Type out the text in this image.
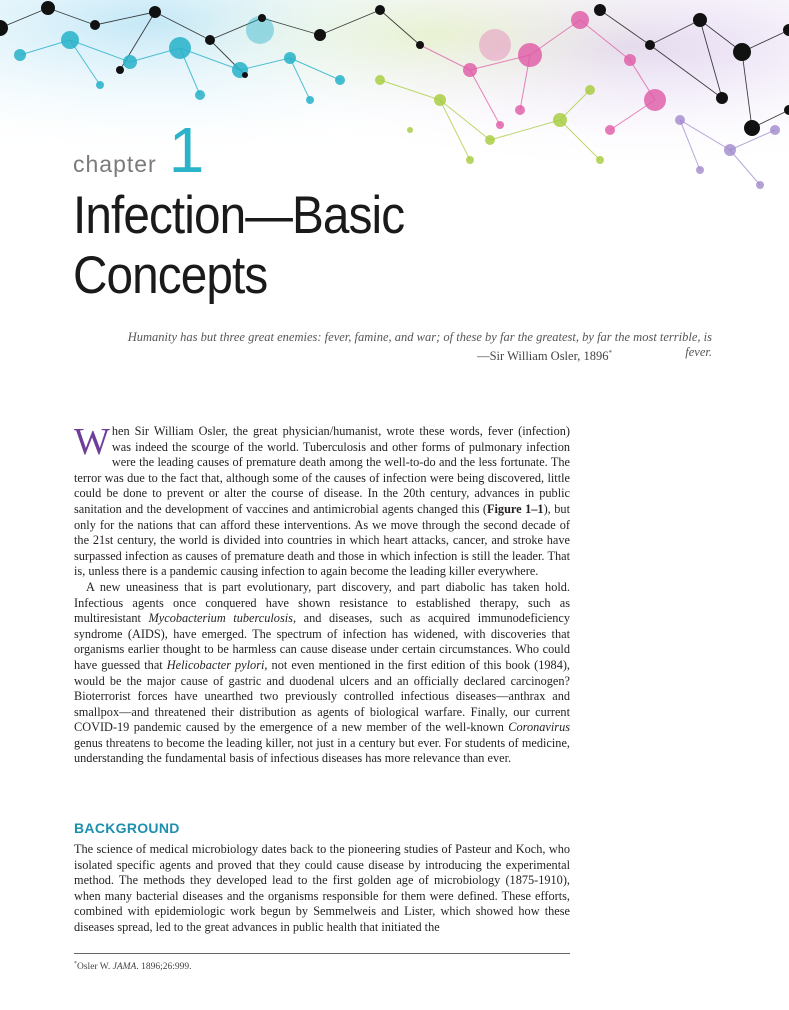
chapter 1
Infection—Basic
Concepts
Humanity has but three great enemies: fever, famine, and war; of these by far the greatest, by far the most terrible, is fever.
—Sir William Osler, 1896*

When Sir William Osler, the great physician/humanist, wrote these words, fever (infection) was indeed the scourge of the world. Tuberculosis and other forms of pulmonary infection were the leading causes of premature death among the well-to-do and the less fortunate. The terror was due to the fact that, although some of the causes of infection were being discovered, little could be done to prevent or alter the course of disease. In the 20th century, advances in public sanitation and the development of vaccines and antimicrobial agents changed this (Figure 1–1), but only for the nations that can afford these interventions. As we move through the second decade of the 21st century, the world is divided into countries in which heart attacks, cancer, and stroke have surpassed infection as causes of premature death and those in which infection is still the leader. That is, unless there is a pandemic causing infection to again become the leading killer everywhere.

A new uneasiness that is part evolutionary, part discovery, and part diabolic has taken hold. Infectious agents once conquered have shown resistance to established therapy, such as multiresistant Mycobacterium tuberculosis, and diseases, such as acquired immunodeficiency syndrome (AIDS), have emerged. The spectrum of infection has widened, with discoveries that organisms earlier thought to be harmless can cause disease under certain circumstances. Who could have guessed that Helicobacter pylori, not even mentioned in the first edition of this book (1984), would be the major cause of gastric and duodenal ulcers and an officially declared carcinogen? Bioterrorist forces have unearthed two previously controlled infectious diseases—anthrax and smallpox—and threatened their distribution as agents of biological warfare. Finally, our current COVID-19 pandemic caused by the emergence of a new member of the well-known Coronavirus genus threatens to become the leading killer, not just in a century but ever. For students of medicine, understanding the fundamental basis of infectious diseases has more relevance than ever.

BACKGROUND

The science of medical microbiology dates back to the pioneering studies of Pasteur and Koch, who isolated specific agents and proved that they could cause disease by introducing the experimental method. The methods they developed lead to the first golden age of microbiology (1875-1910), when many bacterial diseases and the organisms responsible for them were defined. These efforts, combined with epidemiologic work begun by Semmelweis and Lister, which showed how these diseases spread, led to the great advances in public health that initiated the

*Osler W. JAMA. 1896;26:999.
